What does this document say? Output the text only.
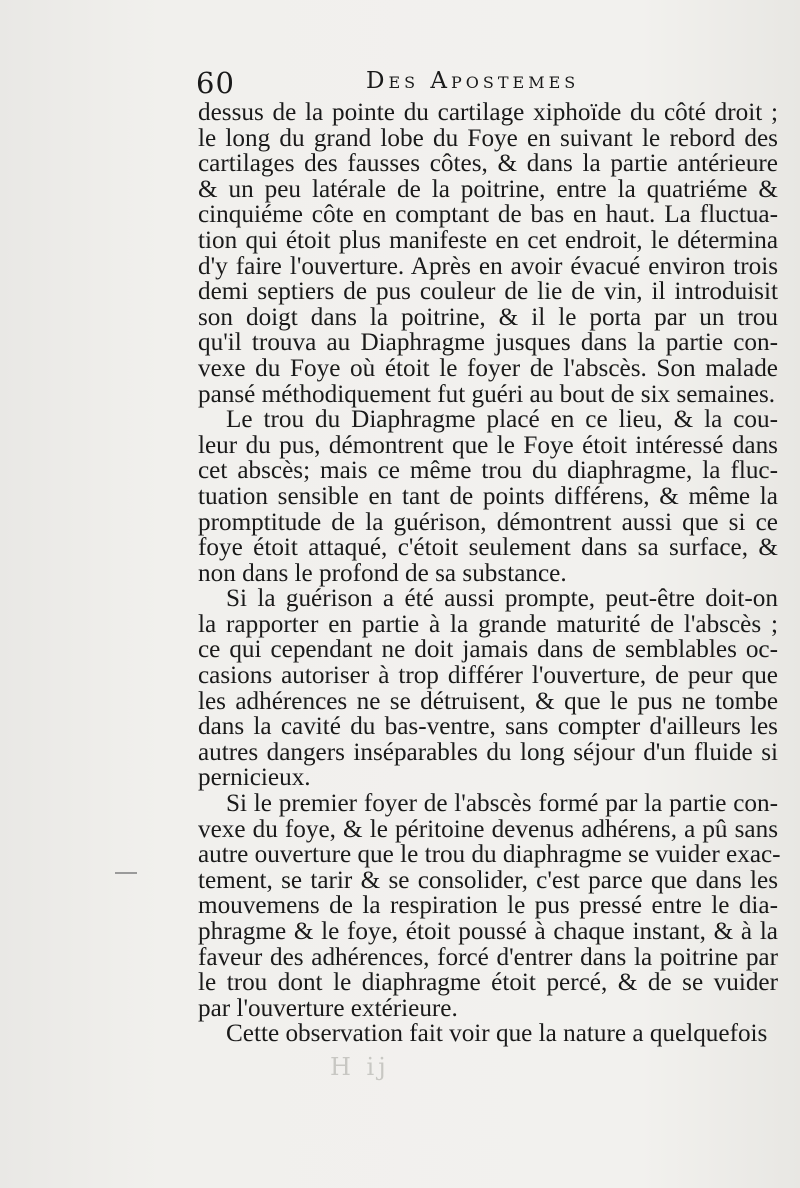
60	Des Apostemes
dessus de la pointe du cartilage xiphoïde du côté droit ;
le long du grand lobe du Foye en suivant le rebord des
cartilages des fausses côtes, & dans la partie antérieure
& un peu latérale de la poitrine, entre la quatriéme &
cinquiéme côte en comptant de bas en haut. La fluctua-
tion qui étoit plus manifeste en cet endroit, le détermina
d'y faire l'ouverture. Après en avoir évacué environ trois
demi septiers de pus couleur de lie de vin, il introduisit
son doigt dans la poitrine, & il le porta par un trou
qu'il trouva au Diaphragme jusques dans la partie con-
vexe du Foye où étoit le foyer de l'abscès. Son malade
pansé méthodiquement fut guéri au bout de six semaines.
Le trou du Diaphragme placé en ce lieu, & la cou-
leur du pus, démontrent que le Foye étoit intéressé dans
cet abscès; mais ce même trou du diaphragme, la fluc-
tuation sensible en tant de points différens, & même la
promptitude de la guérison, démontrent aussi que si ce
foye étoit attaqué, c'étoit seulement dans sa surface, &
non dans le profond de sa substance.
Si la guérison a été aussi prompte, peut-être doit-on
la rapporter en partie à la grande maturité de l'abscès ;
ce qui cependant ne doit jamais dans de semblables oc-
casions autoriser à trop différer l'ouverture, de peur que
les adhérences ne se détruisent, & que le pus ne tombe
dans la cavité du bas-ventre, sans compter d'ailleurs les
autres dangers inséparables du long séjour d'un fluide si
pernicieux.
Si le premier foyer de l'abscès formé par la partie con-
vexe du foye, & le péritoine devenus adhérens, a pû sans
autre ouverture que le trou du diaphragme se vuider exac-
tement, se tarir & se consolider, c'est parce que dans les
mouvemens de la respiration le pus pressé entre le dia-
phragme & le foye, étoit poussé à chaque instant, & à la
faveur des adhérences, forcé d'entrer dans la poitrine par
le trou dont le diaphragme étoit percé, & de se vuider
par l'ouverture extérieure.
Cette observation fait voir que la nature a quelquefois
H ij
